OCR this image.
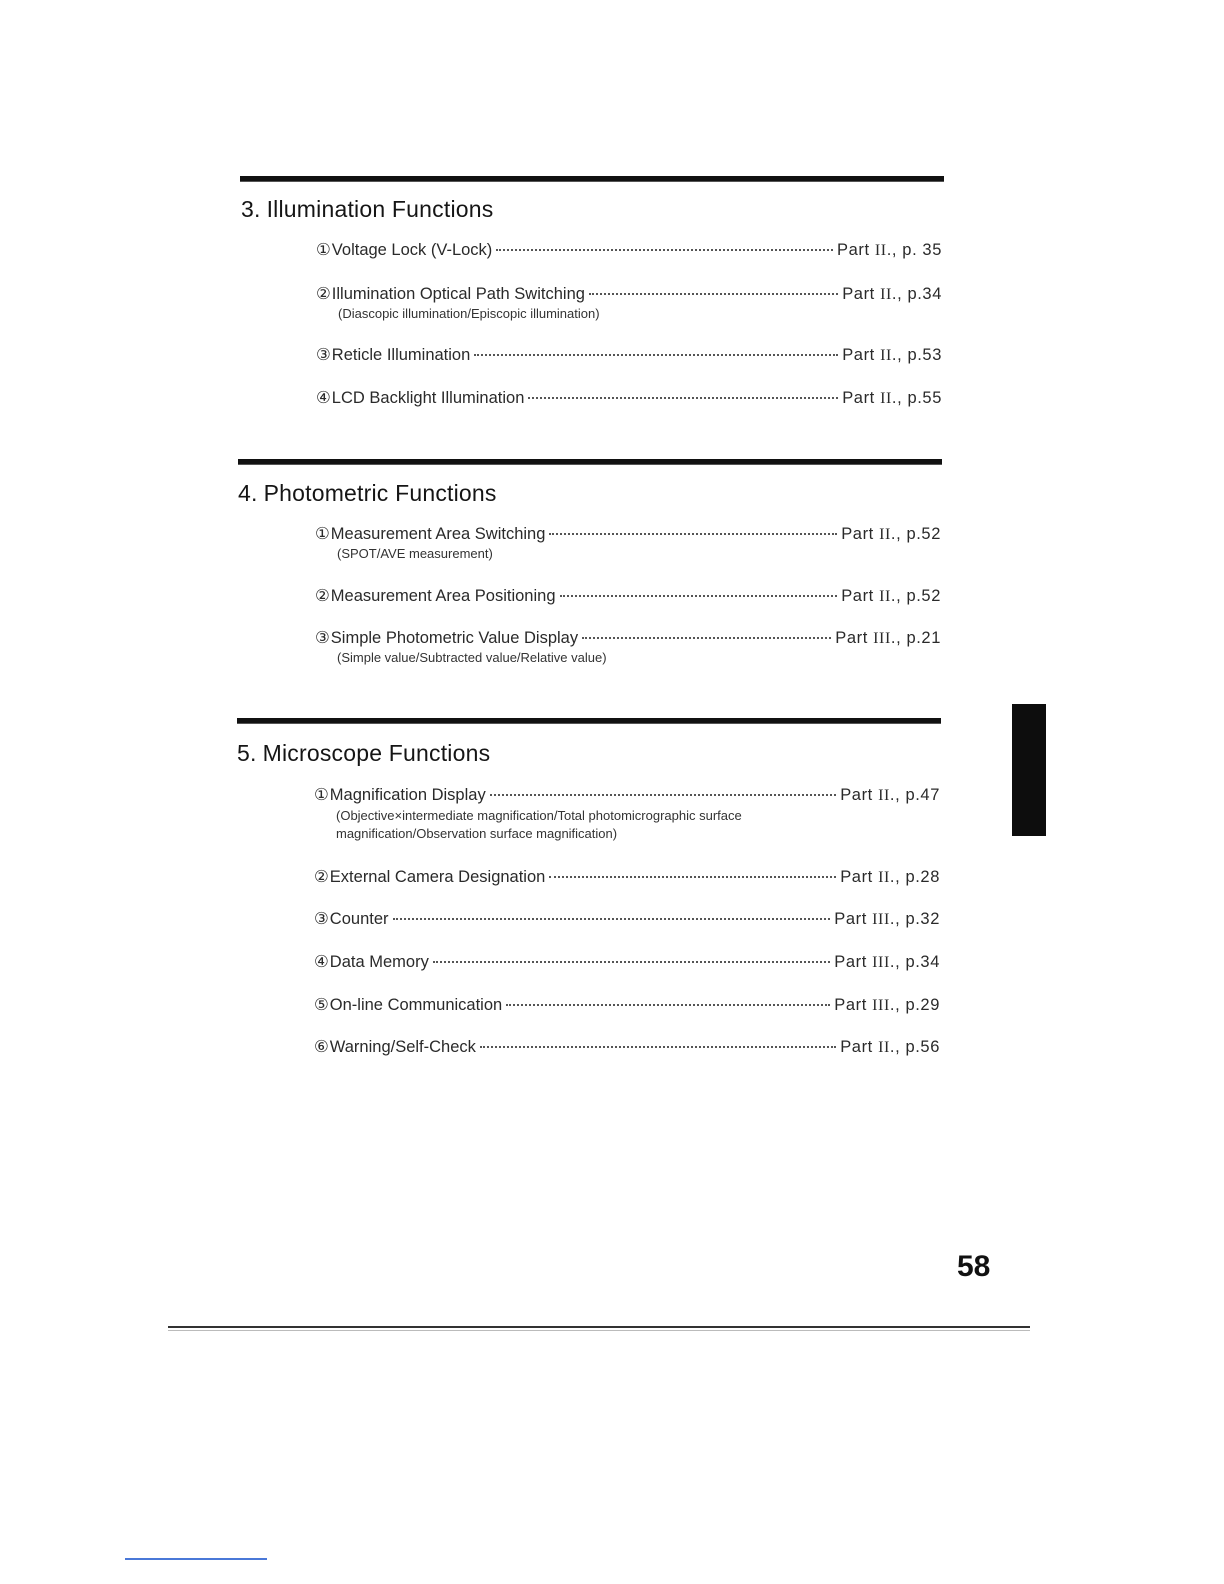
3. Illumination Functions
① Voltage Lock (V-Lock)	Part II., p. 35
② Illumination Optical Path Switching	Part II., p.34
(Diascopic illumination/Episcopic illumination)
③ Reticle Illumination	Part II., p.53
④ LCD Backlight Illumination	Part II., p.55
4. Photometric Functions
① Measurement Area Switching	Part II., p.52
(SPOT/AVE measurement)
② Measurement Area Positioning	Part II., p.52
③ Simple Photometric Value Display	Part III., p.21
(Simple value/Subtracted value/Relative value)
5. Microscope Functions
① Magnification Display	Part II., p.47
(Objective×intermediate magnification/Total photomicrographic surface
magnification/Observation surface magnification)
② External Camera Designation	Part II., p.28
③ Counter	Part III., p.32
④ Data Memory	Part III., p.34
⑤ On-line Communication	Part III., p.29
⑥ Warning/Self-Check	Part II., p.56
58
